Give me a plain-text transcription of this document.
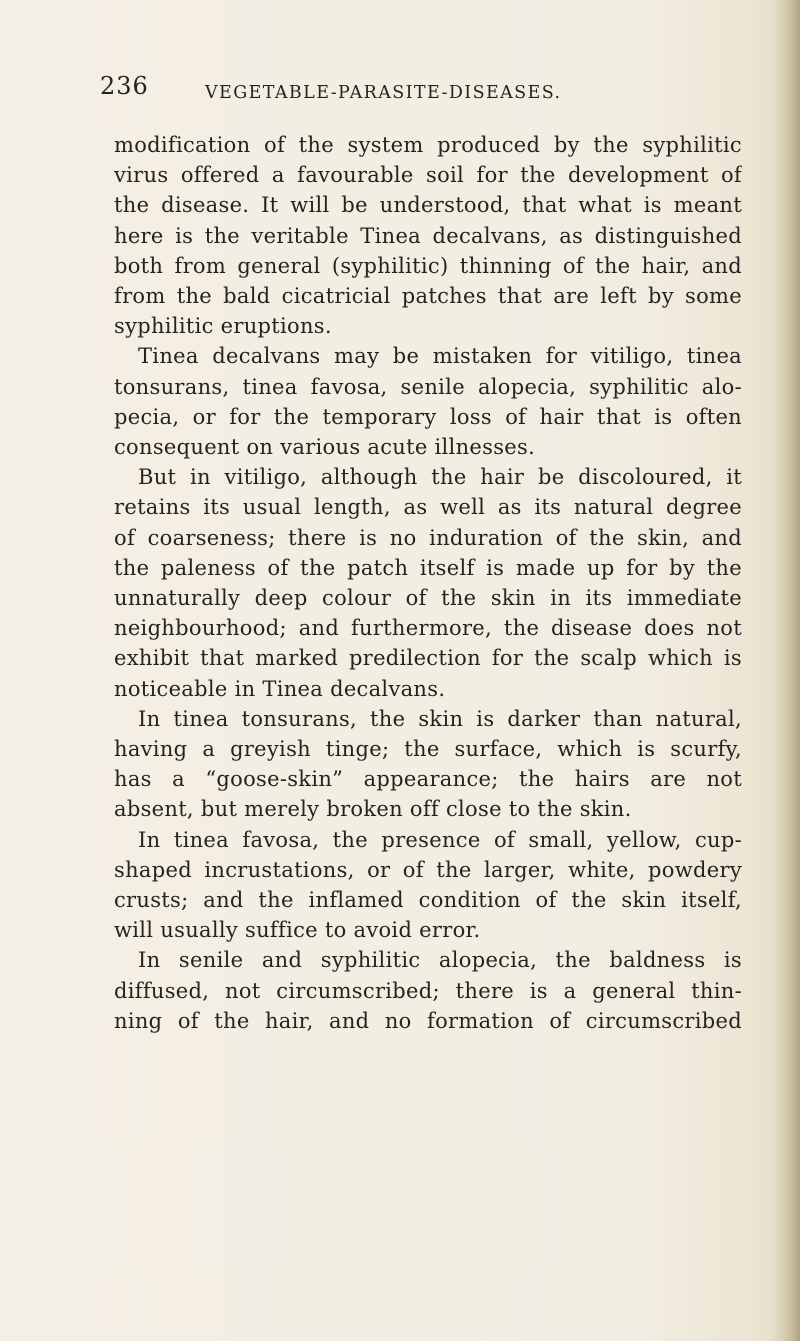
236	VEGETABLE-PARASITE-DISEASES.
modification of the system produced by the syphilitic
virus offered a favourable soil for the development of
the disease. It will be understood, that what is meant
here is the veritable Tinea decalvans, as distinguished
both from general (syphilitic) thinning of the hair, and
from the bald cicatricial patches that are left by some
syphilitic eruptions.
Tinea decalvans may be mistaken for vitiligo, tinea
tonsurans, tinea favosa, senile alopecia, syphilitic alo-
pecia, or for the temporary loss of hair that is often
consequent on various acute illnesses.
But in vitiligo, although the hair be discoloured, it
retains its usual length, as well as its natural degree
of coarseness; there is no induration of the skin, and
the paleness of the patch itself is made up for by the
unnaturally deep colour of the skin in its immediate
neighbourhood; and furthermore, the disease does not
exhibit that marked predilection for the scalp which is
noticeable in Tinea decalvans.
In tinea tonsurans, the skin is darker than natural,
having a greyish tinge; the surface, which is scurfy,
has a “goose-skin” appearance; the hairs are not
absent, but merely broken off close to the skin.
In tinea favosa, the presence of small, yellow, cup-
shaped incrustations, or of the larger, white, powdery
crusts; and the inflamed condition of the skin itself,
will usually suffice to avoid error.
In senile and syphilitic alopecia, the baldness is
diffused, not circumscribed; there is a general thin-
ning of the hair, and no formation of circumscribed
